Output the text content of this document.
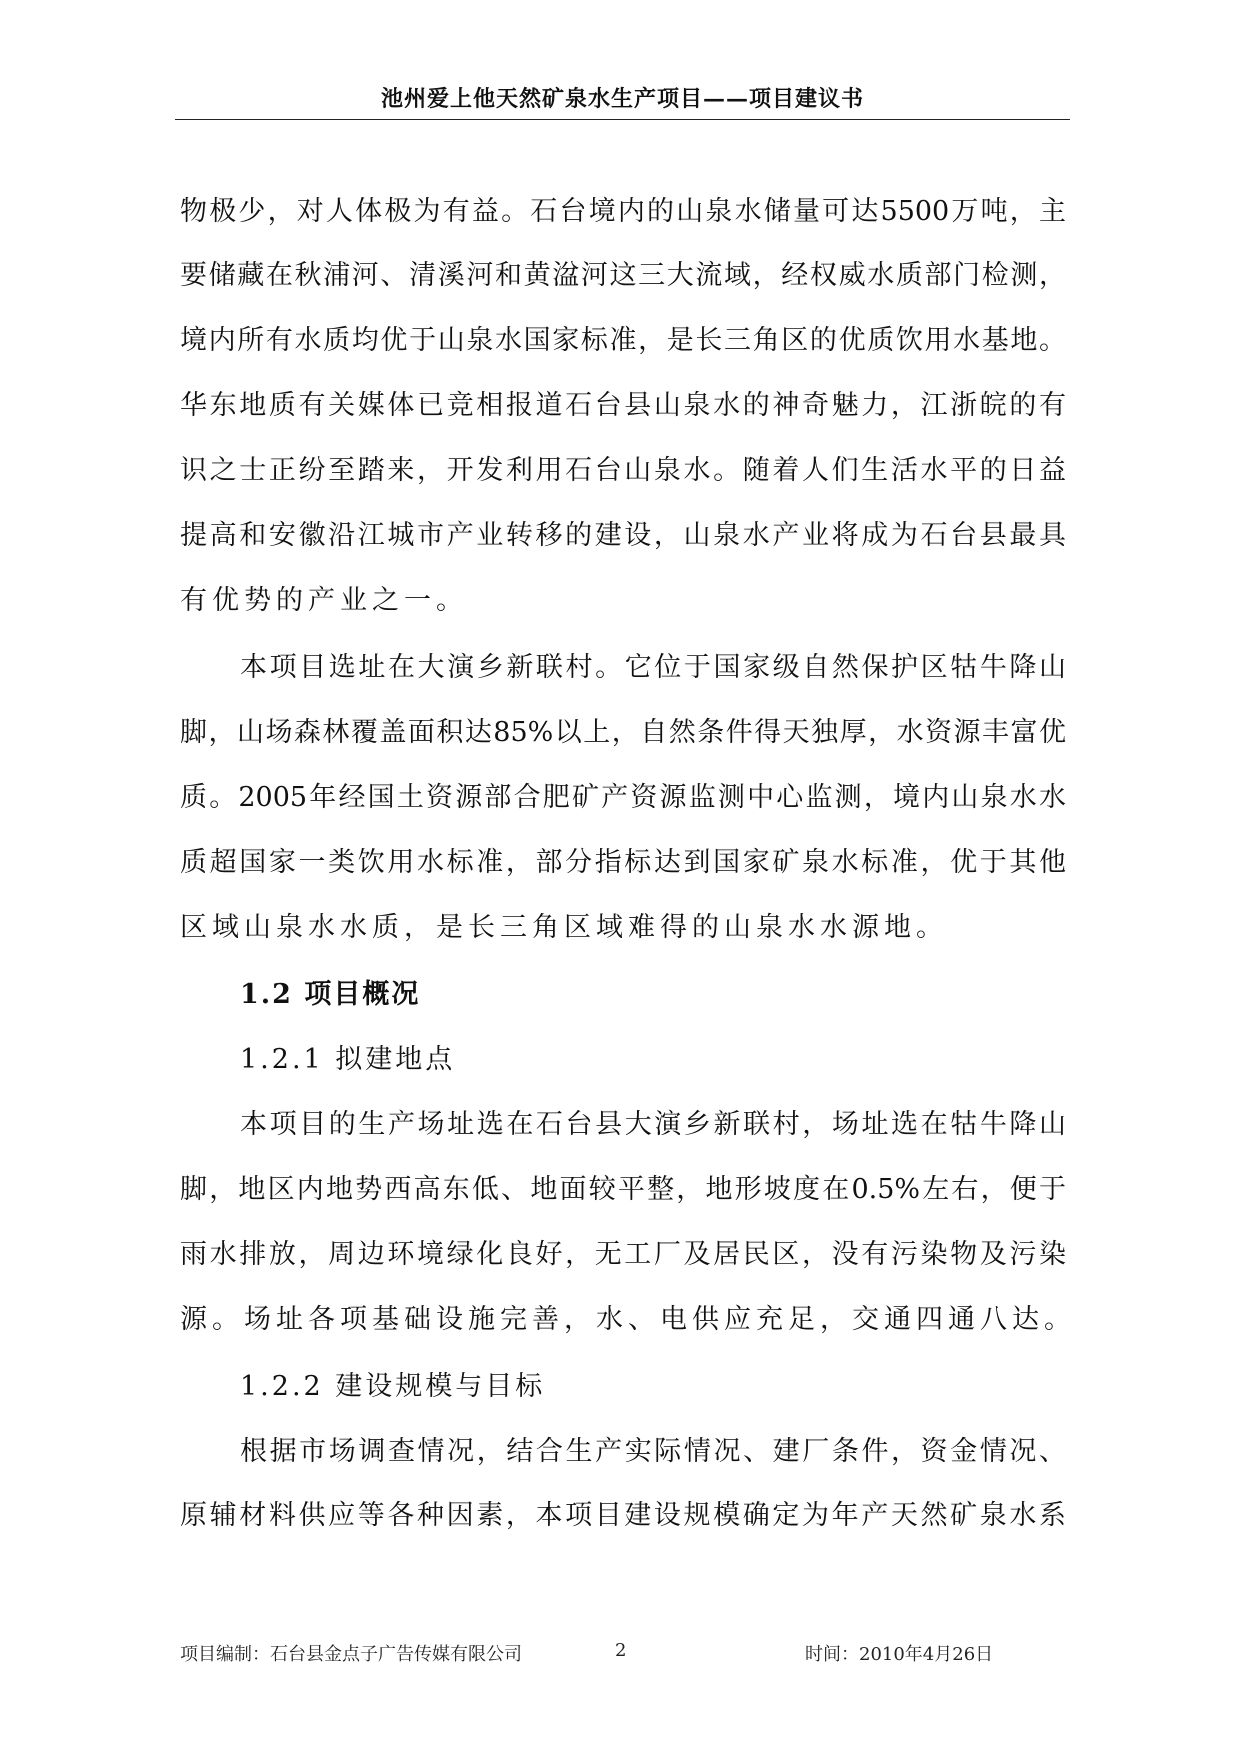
池州爱上他天然矿泉水生产项目——项目建议书
物极少，对人体极为有益。石台境内的山泉水储量可达5500万吨，主
要储藏在秋浦河、清溪河和黄湓河这三大流域，经权威水质部门检测，
境内所有水质均优于山泉水国家标准，是长三角区的优质饮用水基地。
华东地质有关媒体已竞相报道石台县山泉水的神奇魅力，江浙皖的有
识之士正纷至踏来，开发利用石台山泉水。随着人们生活水平的日益
提高和安徽沿江城市产业转移的建设，山泉水产业将成为石台县最具
有优势的产业之一。
本项目选址在大演乡新联村。它位于国家级自然保护区牯牛降山
脚，山场森林覆盖面积达85%以上，自然条件得天独厚，水资源丰富优
质。2005年经国土资源部合肥矿产资源监测中心监测，境内山泉水水
质超国家一类饮用水标准，部分指标达到国家矿泉水标准，优于其他
区域山泉水水质，是长三角区域难得的山泉水水源地。
1.2 项目概况
1.2.1 拟建地点
本项目的生产场址选在石台县大演乡新联村，场址选在牯牛降山
脚，地区内地势西高东低、地面较平整，地形坡度在0.5%左右，便于
雨水排放，周边环境绿化良好，无工厂及居民区，没有污染物及污染
源。场址各项基础设施完善，水、电供应充足，交通四通八达。
1.2.2 建设规模与目标
根据市场调查情况，结合生产实际情况、建厂条件，资金情况、
原辅材料供应等各种因素，本项目建设规模确定为年产天然矿泉水系
项目编制：石台县金点子广告传媒有限公司	2	时间：2010年4月26日
